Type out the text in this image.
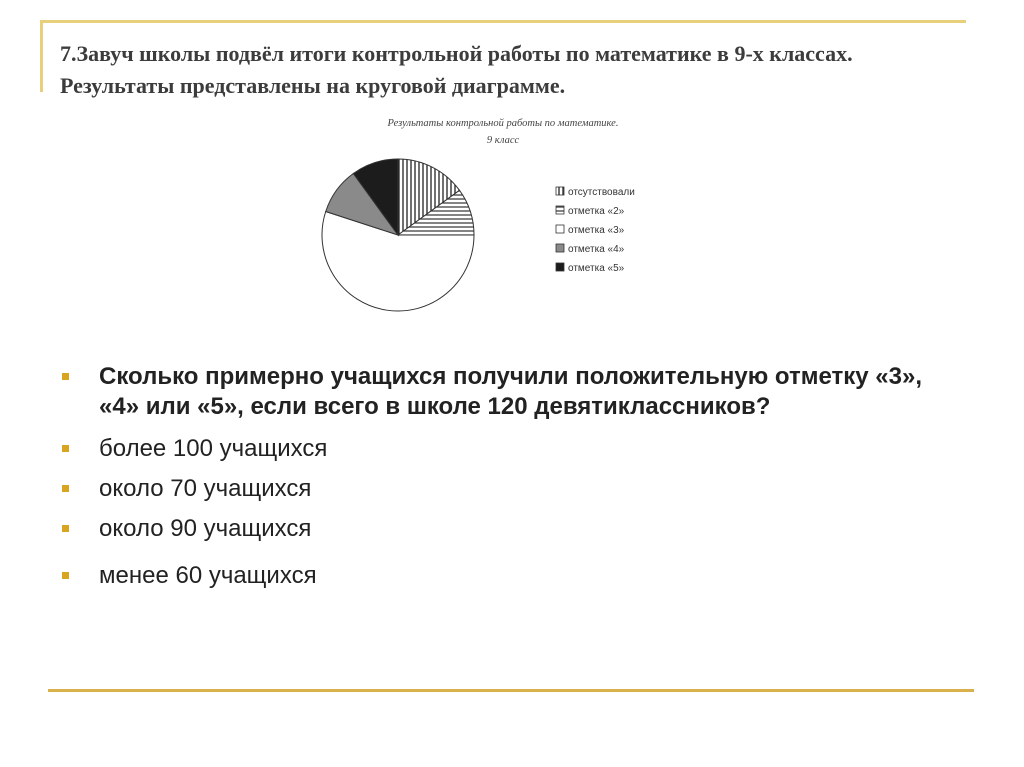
7.Завуч школы подвёл итоги контрольной работы по математике в 9-х классах. Результаты представлены на круговой диаграмме.
Результаты контрольной работы по математике.
9 класс
отсутствовали
отметка «2»
отметка «3»
отметка «4»
отметка «5»
Сколько примерно учащихся получили положительную отметку «3», «4» или «5», если всего в школе 120 девятиклассников?
более 100 учащихся
около 70 учащихся
около 90 учащихся
менее 60 учащихся
